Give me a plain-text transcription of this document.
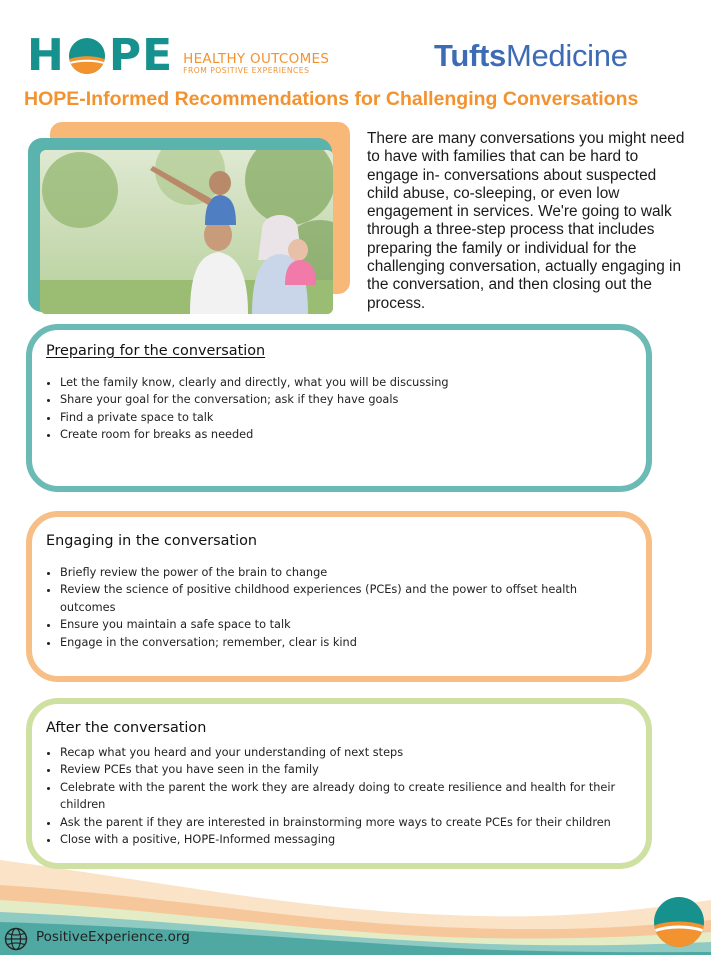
H PE HEALTHY OUTCOMES
FROM POSITIVE EXPERIENCES	TuftsMedicine
HOPE-Informed Recommendations for Challenging Conversations
There are many conversations you might need to have with families that can be hard to engage in- conversations about suspected child abuse, co-sleeping, or even low engagement in services. We're going to walk through a three-step process that includes preparing the family or individual for the challenging conversation, actually engaging in the conversation, and then closing out the process.
Preparing for the conversation
• Let the family know, clearly and directly, what you will be discussing
• Share your goal for the conversation; ask if they have goals
• Find a private space to talk
• Create room for breaks as needed
Engaging in the conversation
• Briefly review the power of the brain to change
• Review the science of positive childhood experiences (PCEs) and the power to offset health outcomes
• Ensure you maintain a safe space to talk
• Engage in the conversation; remember, clear is kind
After the conversation
• Recap what you heard and your understanding of next steps
• Review PCEs that you have seen in the family
• Celebrate with the parent the work they are already doing to create resilience and health for their children
• Ask the parent if they are interested in brainstorming more ways to create PCEs for their children
• Close with a positive, HOPE-Informed messaging
PositiveExperience.org
